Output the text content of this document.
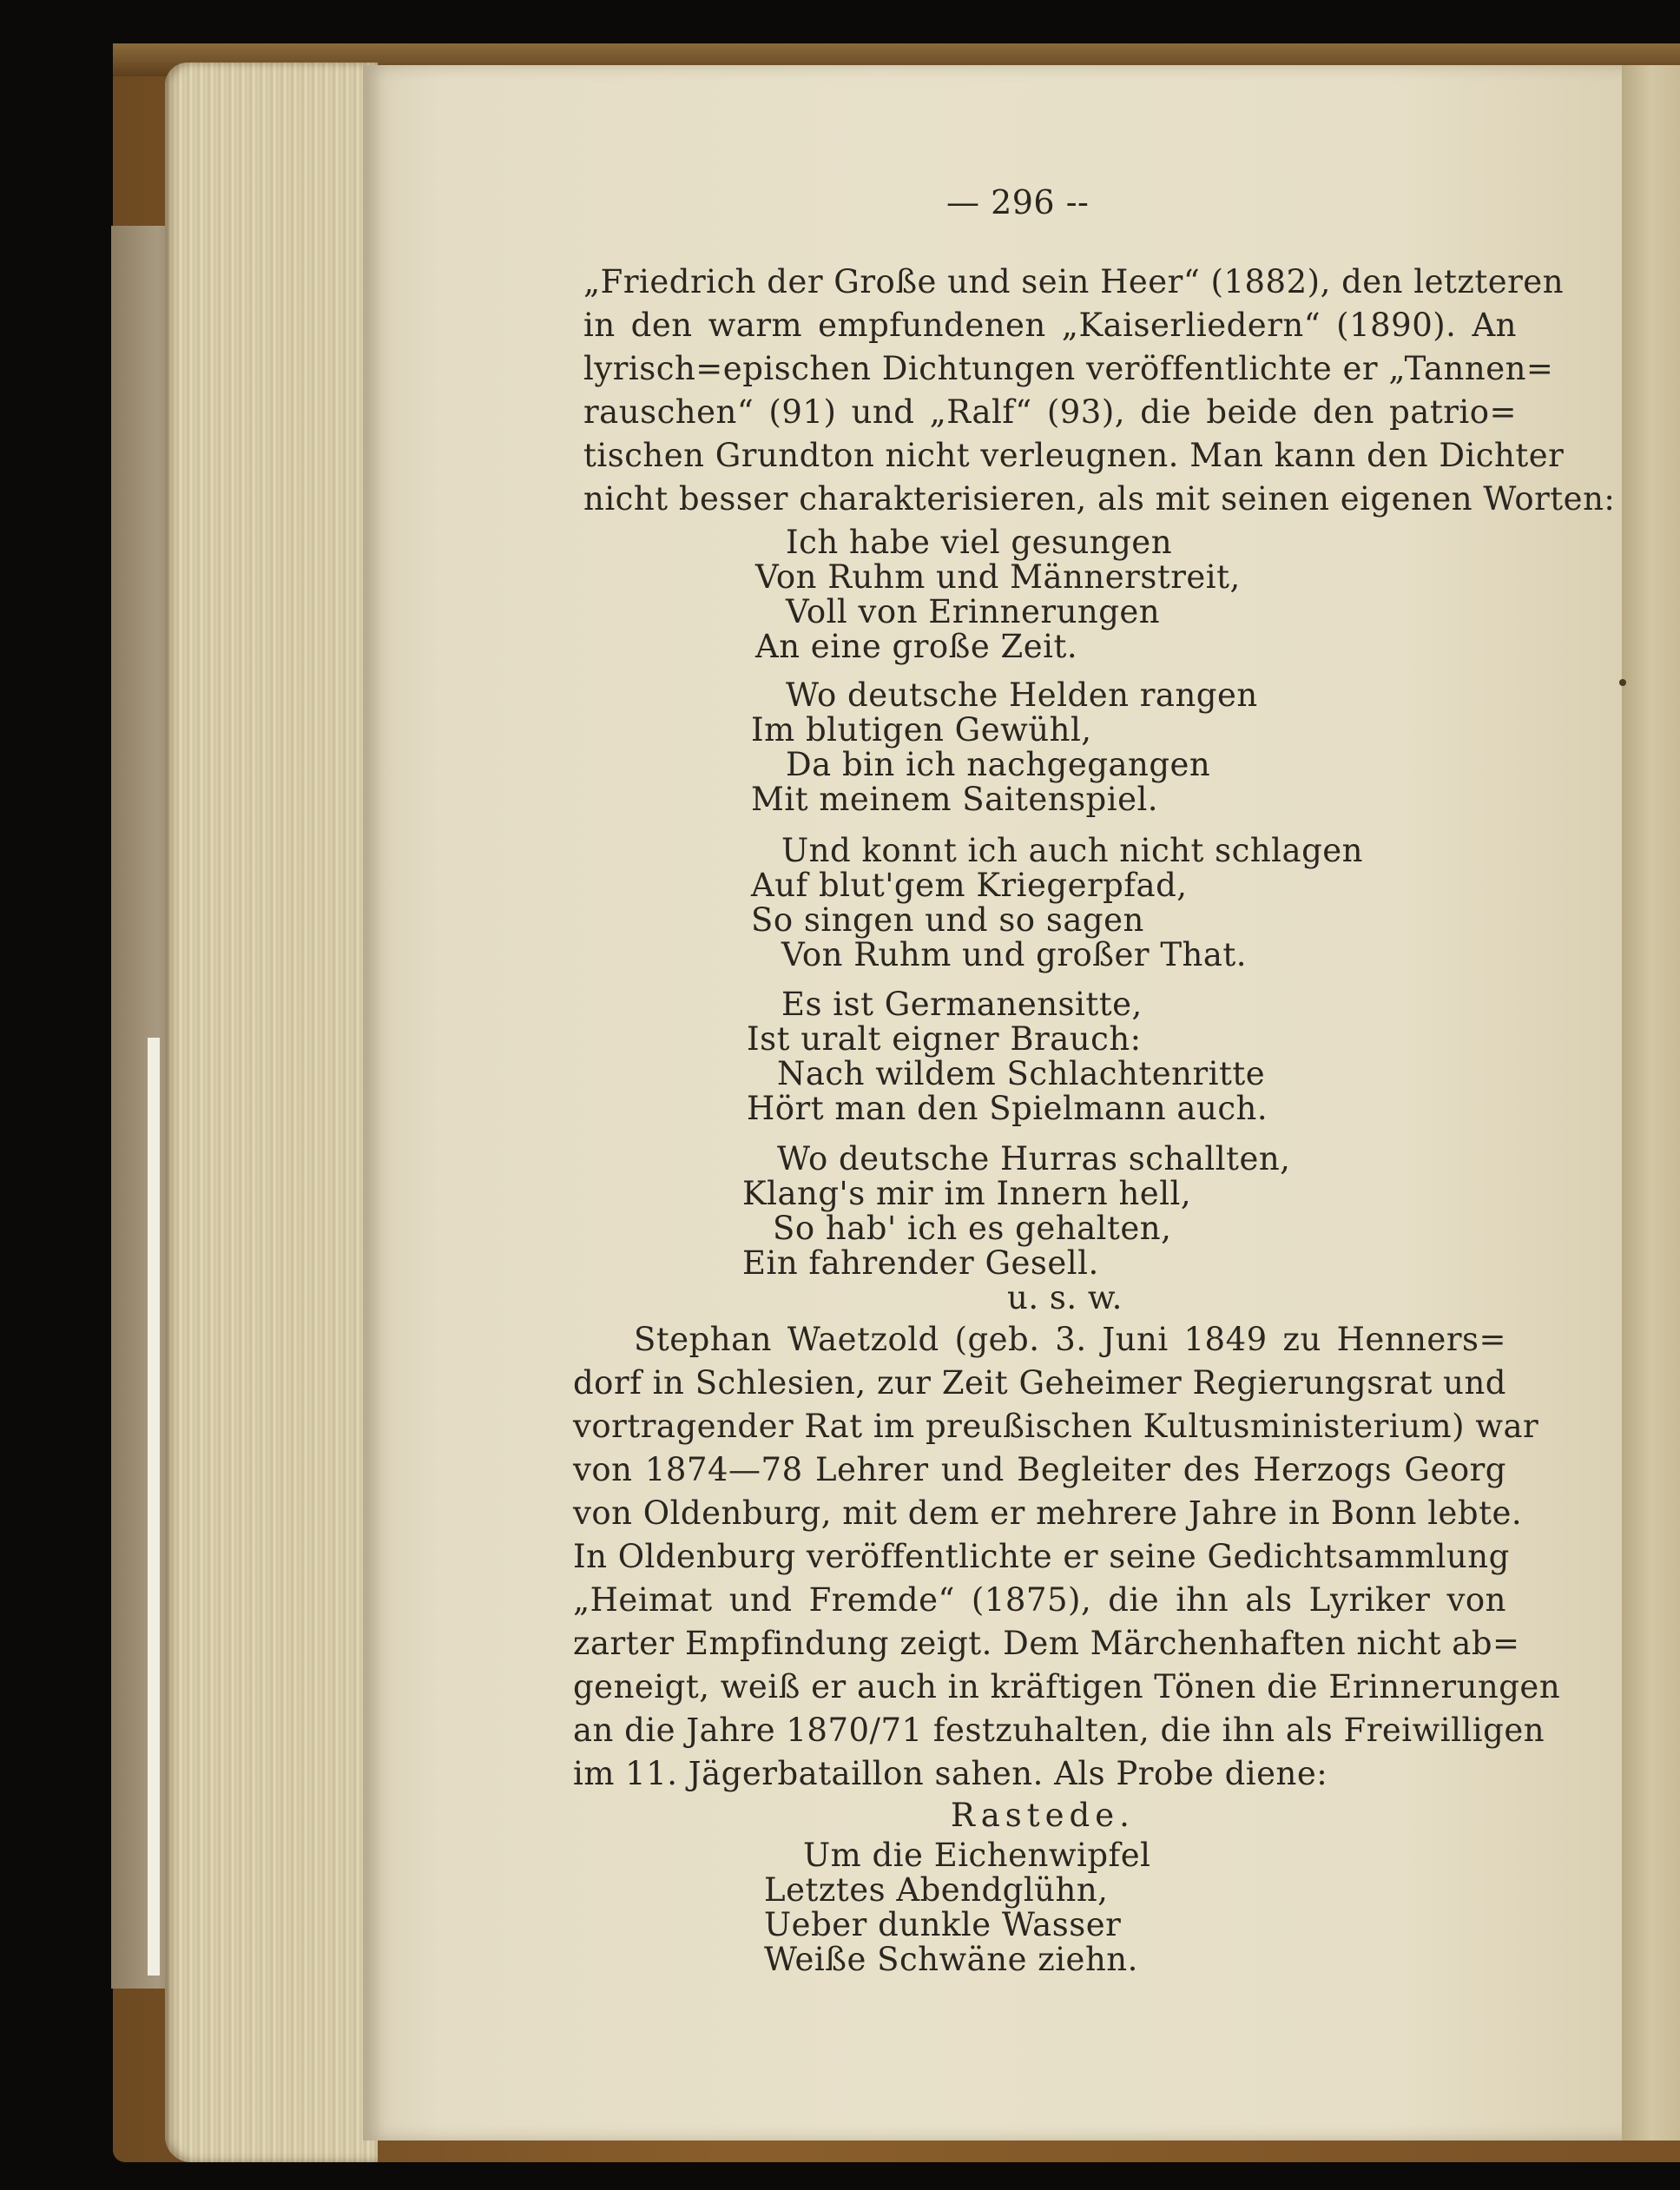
— 296 --
„Friedrich der Große und sein Heer“ (1882), den letzteren
in den warm empfundenen „Kaiserliedern“ (1890). An
lyrisch=epischen Dichtungen veröffentlichte er „Tannen=
rauschen“ (91) und „Ralf“ (93), die beide den patrio=
tischen Grundton nicht verleugnen. Man kann den Dichter
nicht besser charakterisieren, als mit seinen eigenen Worten:
Ich habe viel gesungen
Von Ruhm und Männerstreit,
Voll von Erinnerungen
An eine große Zeit.
Wo deutsche Helden rangen
Im blutigen Gewühl,
Da bin ich nachgegangen
Mit meinem Saitenspiel.
Und konnt ich auch nicht schlagen
Auf blut'gem Kriegerpfad,
So singen und so sagen
Von Ruhm und großer That.
Es ist Germanensitte,
Ist uralt eigner Brauch:
Nach wildem Schlachtenritte
Hört man den Spielmann auch.
Wo deutsche Hurras schallten,
Klang's mir im Innern hell,
So hab' ich es gehalten,
Ein fahrender Gesell.
u. s. w.
Stephan Waetzold (geb. 3. Juni 1849 zu Henners=
dorf in Schlesien, zur Zeit Geheimer Regierungsrat und
vortragender Rat im preußischen Kultusministerium) war
von 1874—78 Lehrer und Begleiter des Herzogs Georg
von Oldenburg, mit dem er mehrere Jahre in Bonn lebte.
In Oldenburg veröffentlichte er seine Gedichtsammlung
„Heimat und Fremde“ (1875), die ihn als Lyriker von
zarter Empfindung zeigt. Dem Märchenhaften nicht ab=
geneigt, weiß er auch in kräftigen Tönen die Erinnerungen
an die Jahre 1870/71 festzuhalten, die ihn als Freiwilligen
im 11. Jägerbataillon sahen. Als Probe diene:
Rastede.
Um die Eichenwipfel
Letztes Abendglühn,
Ueber dunkle Wasser
Weiße Schwäne ziehn.
